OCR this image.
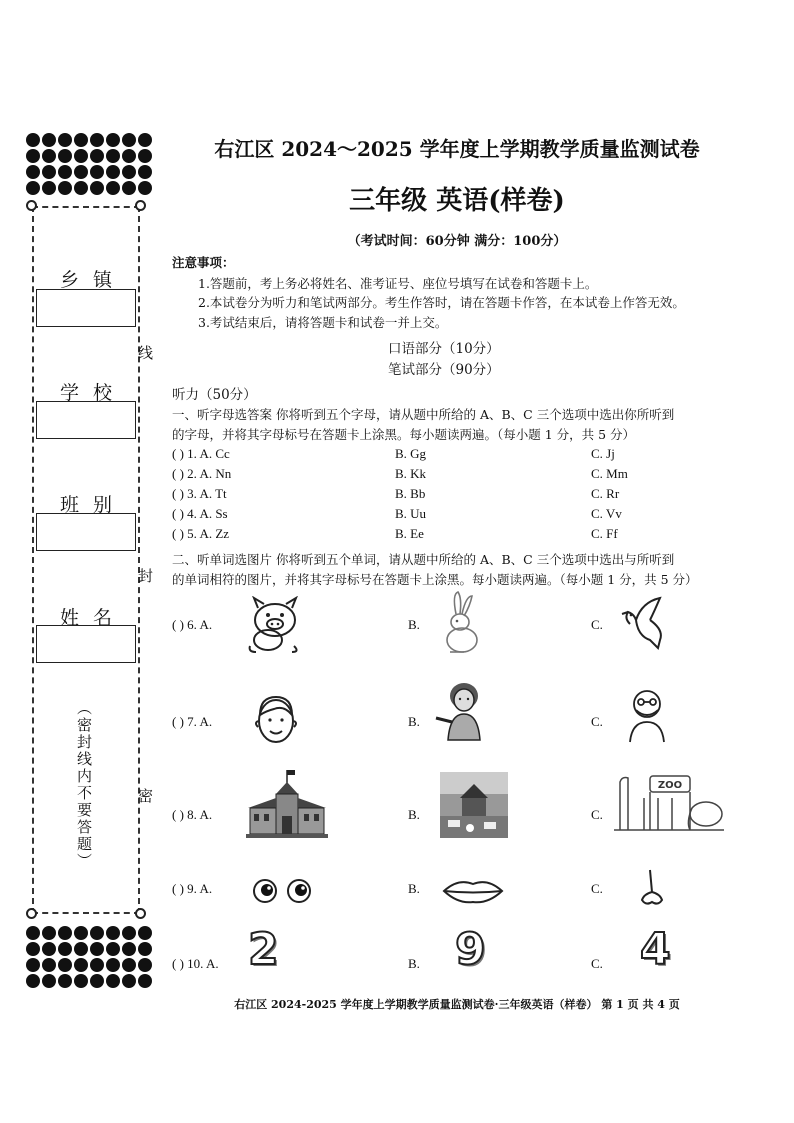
乡镇
学校
班别
姓名
线
封
密
（密封线内不要答题）
右江区 2024～2025 学年度上学期教学质量监测试卷
三年级 英语(样卷)
（考试时间：60分钟 满分：100分）
注意事项：
1.答题前，考上务必将姓名、准考证号、座位号填写在试卷和答题卡上。
2.本试卷分为听力和笔试两部分。考生作答时，请在答题卡作答，在本试卷上作答无效。
3.考试结束后，请将答题卡和试卷一并上交。
口语部分（10分）
笔试部分（90分）
听力（50分）
一、听字母选答案 你将听到五个字母，请从题中所给的 A、B、C 三个选项中选出你所听到
的字母，并将其字母标号在答题卡上涂黑。每小题读两遍。（每小题 1 分，共 5 分）
( ) 1. A. Cc	B. Gg	C. Jj
( ) 2. A. Nn	B. Kk	C. Mm
( ) 3. A. Tt	B. Bb	C. Rr
( ) 4. A. Ss	B. Uu	C. Vv
( ) 5. A. Zz	B. Ee	C. Ff
二、听单词选图片 你将听到五个单词，请从题中所给的 A、B、C 三个选项中选出与所听到
的单词相符的图片，并将其字母标号在答题卡上涂黑。每小题读两遍。（每小题 1 分，共 5 分）
( ) 6. A.	B.	C.
( ) 7. A.	B.	C.
( ) 8. A.	B.	C.
ZOO
( ) 9. A.	B.	C.
( ) 10. A. 2	B. 9	C. 4
右江区 2024-2025 学年度上学期教学质量监测试卷·三年级英语（样卷） 第 1 页 共 4 页
